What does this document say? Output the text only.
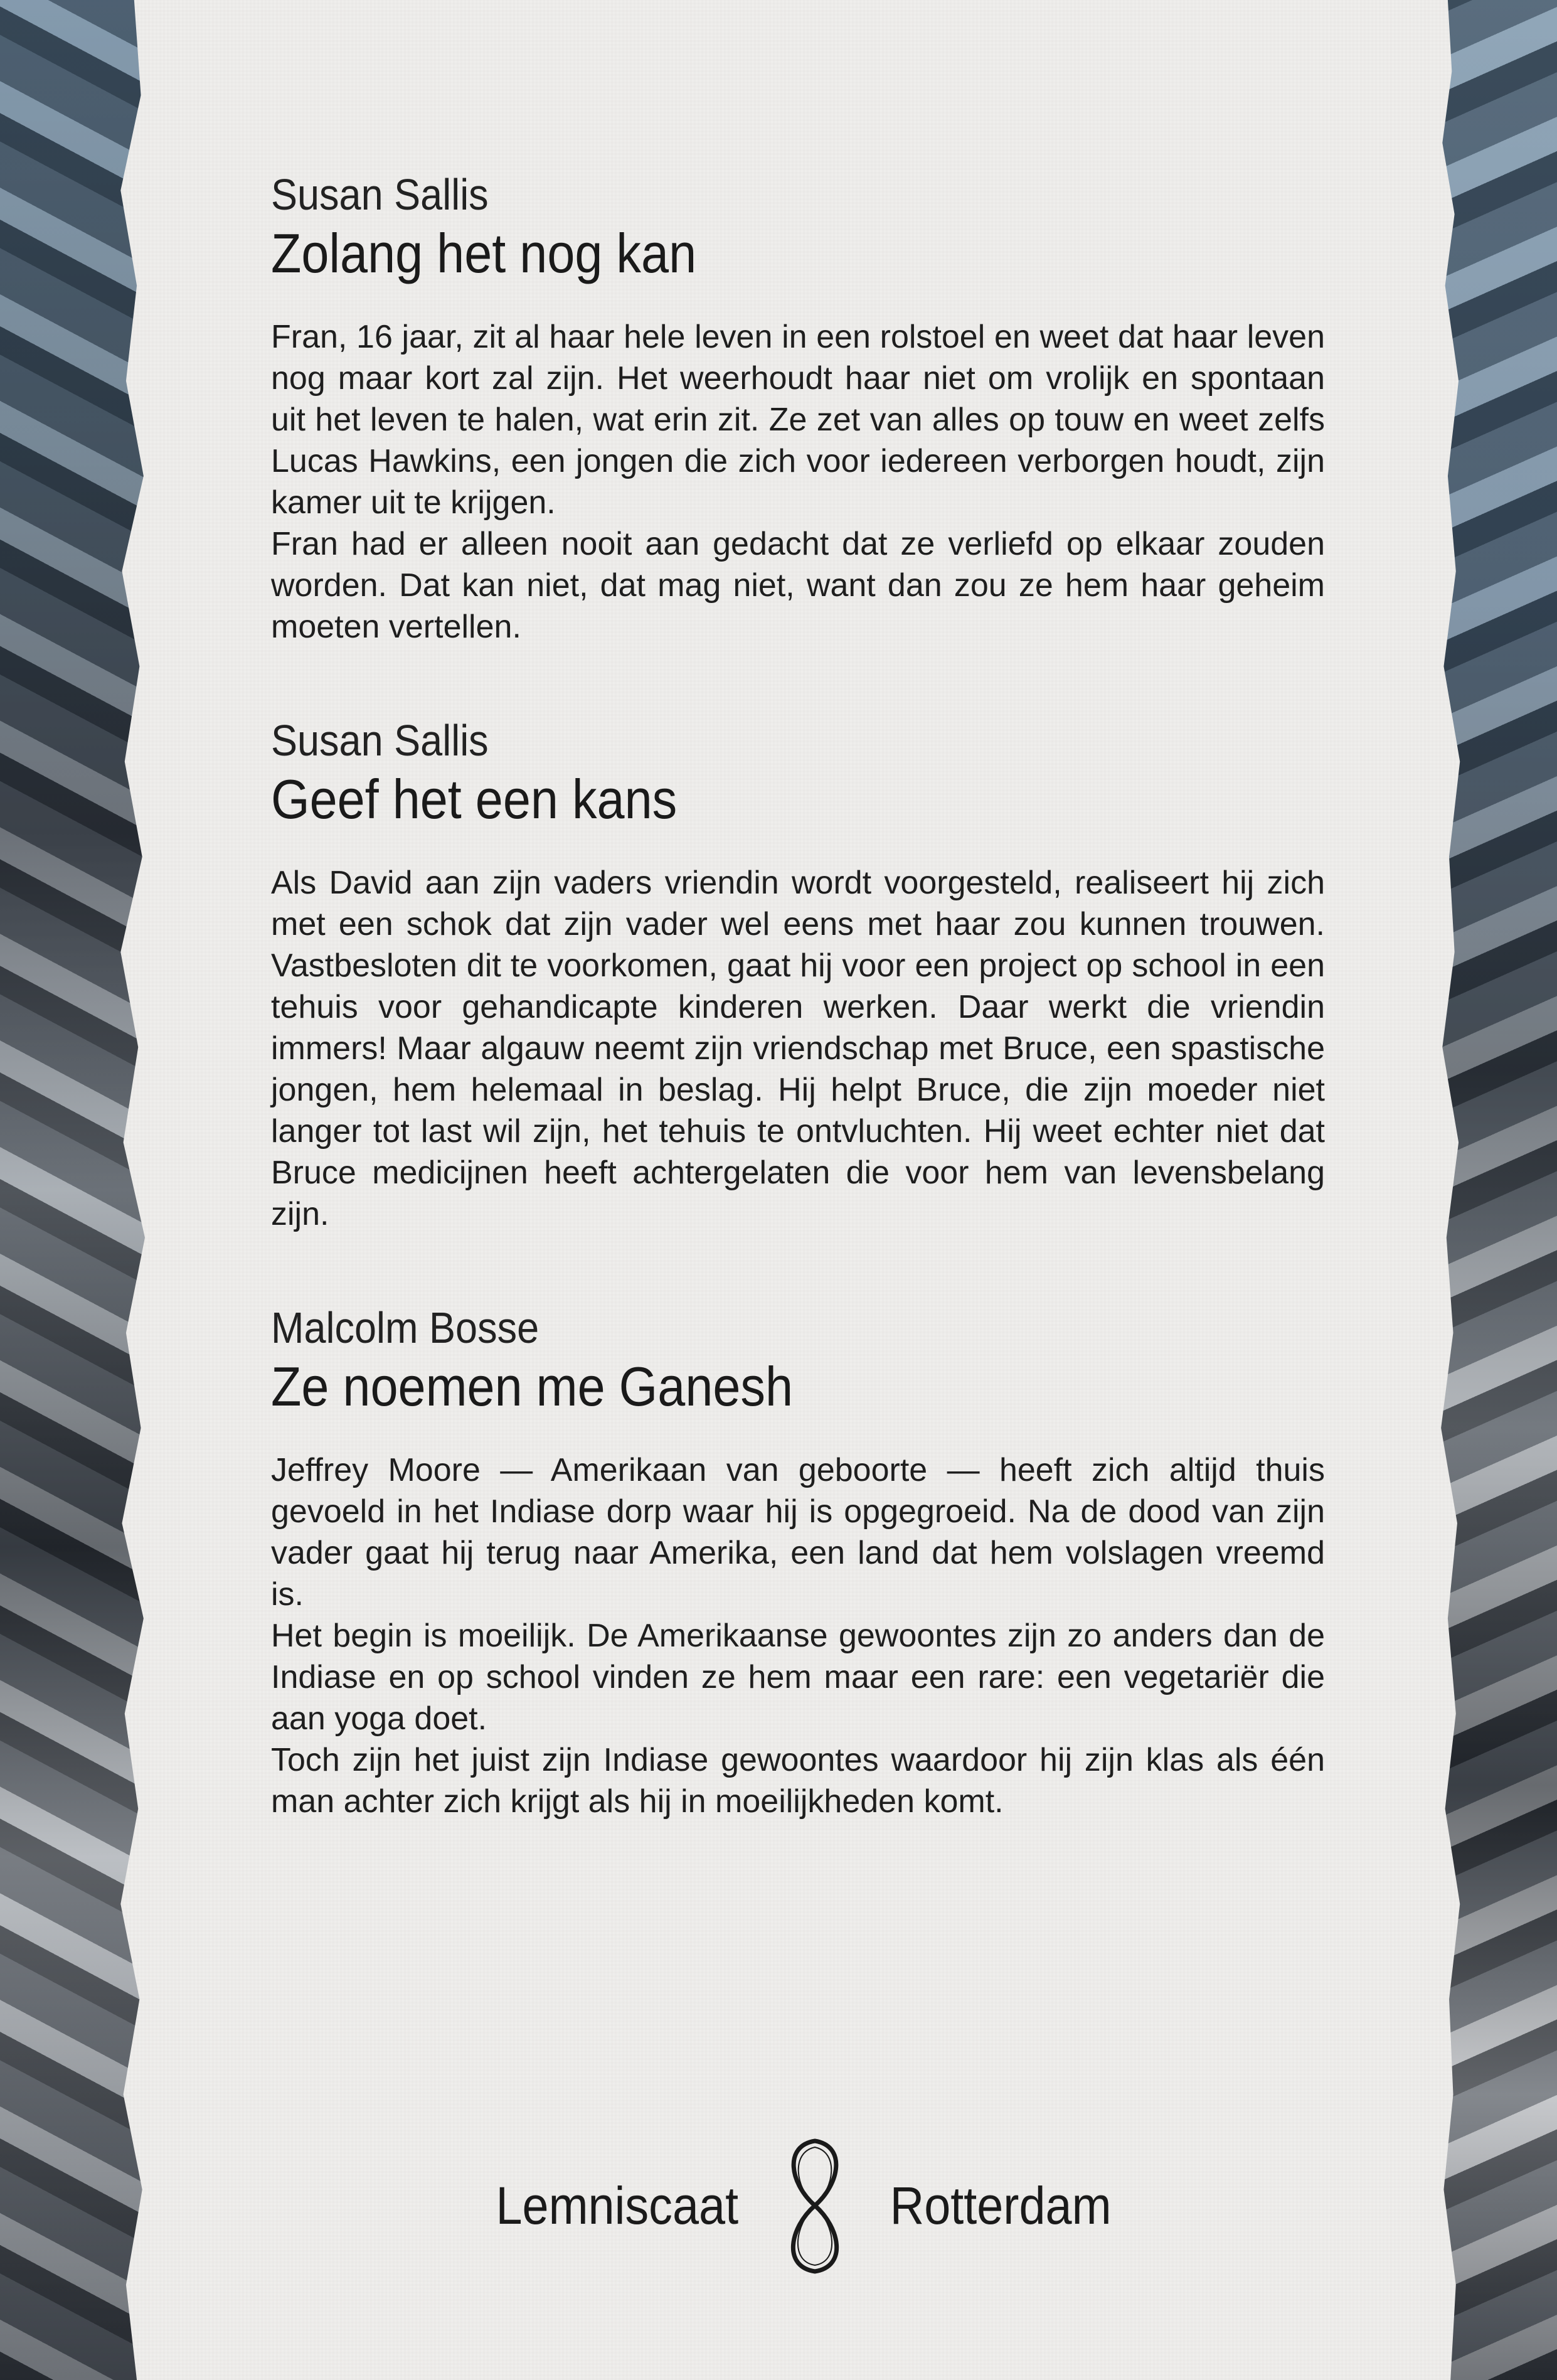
Susan Sallis

Zolang het nog kan

Fran, 16 jaar, zit al haar hele leven in een rolstoel en weet dat haar leven nog maar kort zal zijn. Het weerhoudt haar niet om vrolijk en spontaan uit het leven te halen, wat erin zit. Ze zet van alles op touw en weet zelfs Lucas Hawkins, een jongen die zich voor iedereen verborgen houdt, zijn kamer uit te krijgen.

Fran had er alleen nooit aan gedacht dat ze verliefd op elkaar zouden worden. Dat kan niet, dat mag niet, want dan zou ze hem haar geheim moeten vertellen.

Susan Sallis

Geef het een kans

Als David aan zijn vaders vriendin wordt voorgesteld, realiseert hij zich met een schok dat zijn vader wel eens met haar zou kunnen trouwen. Vastbesloten dit te voorkomen, gaat hij voor een project op school in een tehuis voor gehandicapte kinderen werken. Daar werkt die vriendin immers! Maar algauw neemt zijn vriendschap met Bruce, een spastische jongen, hem helemaal in beslag. Hij helpt Bruce, die zijn moeder niet langer tot last wil zijn, het tehuis te ontvluchten. Hij weet echter niet dat Bruce medicijnen heeft achtergelaten die voor hem van levensbelang zijn.

Malcolm Bosse

Ze noemen me Ganesh

Jeffrey Moore — Amerikaan van geboorte — heeft zich altijd thuis gevoeld in het Indiase dorp waar hij is opgegroeid. Na de dood van zijn vader gaat hij terug naar Amerika, een land dat hem volslagen vreemd is.

Het begin is moeilijk. De Amerikaanse gewoontes zijn zo anders dan de Indiase en op school vinden ze hem maar een rare: een vegetariër die aan yoga doet.

Toch zijn het juist zijn Indiase gewoontes waardoor hij zijn klas als één man achter zich krijgt als hij in moeilijkheden komt.

Lemniscaat	Rotterdam
